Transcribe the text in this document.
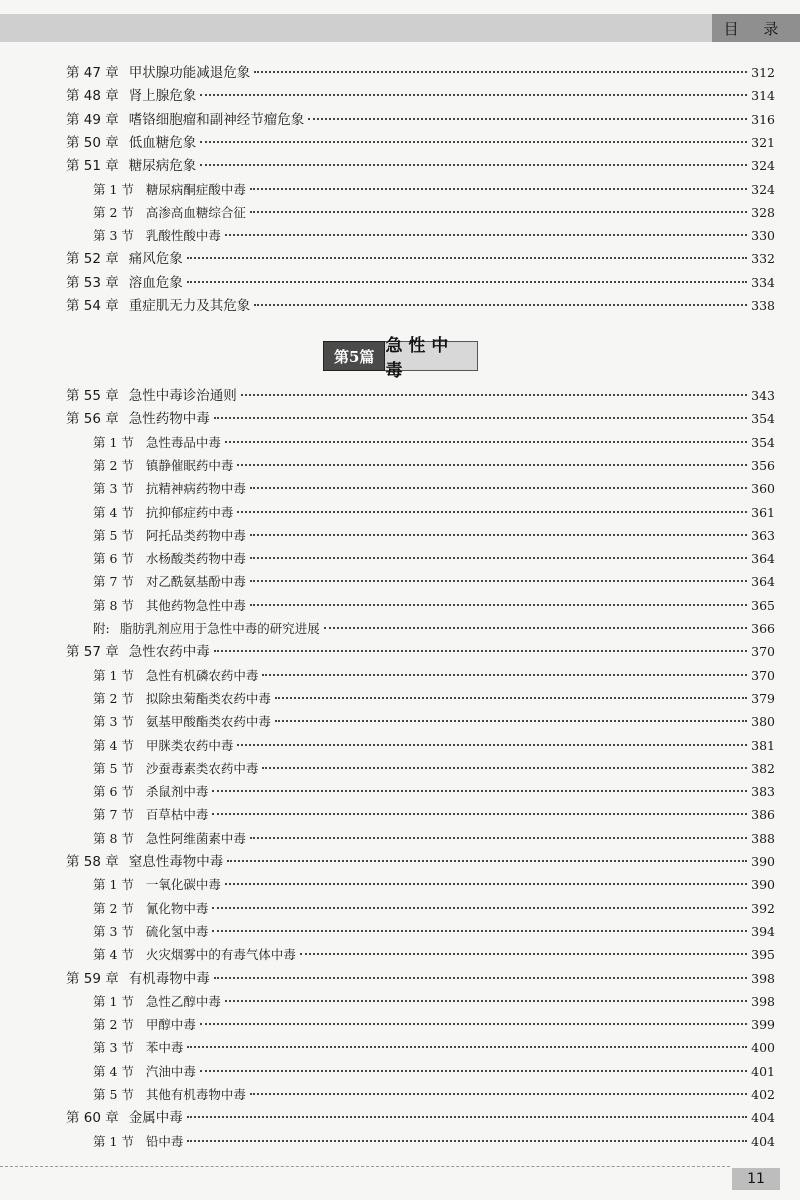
目 录
第5篇
急性中毒
第 47 章 甲状腺功能减退危象	312
第 48 章 肾上腺危象	314
第 49 章 嗜铬细胞瘤和副神经节瘤危象	316
第 50 章 低血糖危象	321
第 51 章 糖尿病危象	324
第 1 节 糖尿病酮症酸中毒	324
第 2 节 高渗高血糖综合征	328
第 3 节 乳酸性酸中毒	330
第 52 章 痛风危象	332
第 53 章 溶血危象	334
第 54 章 重症肌无力及其危象	338
第 55 章 急性中毒诊治通则	343
第 56 章 急性药物中毒	354
第 1 节 急性毒品中毒	354
第 2 节 镇静催眠药中毒	356
第 3 节 抗精神病药物中毒	360
第 4 节 抗抑郁症药中毒	361
第 5 节 阿托品类药物中毒	363
第 6 节 水杨酸类药物中毒	364
第 7 节 对乙酰氨基酚中毒	364
第 8 节 其他药物急性中毒	365
附: 脂肪乳剂应用于急性中毒的研究进展	366
第 57 章 急性农药中毒	370
第 1 节 急性有机磷农药中毒	370
第 2 节 拟除虫菊酯类农药中毒	379
第 3 节 氨基甲酸酯类农药中毒	380
第 4 节 甲脒类农药中毒	381
第 5 节 沙蚕毒素类农药中毒	382
第 6 节 杀鼠剂中毒	383
第 7 节 百草枯中毒	386
第 8 节 急性阿维菌素中毒	388
第 58 章 窒息性毒物中毒	390
第 1 节 一氧化碳中毒	390
第 2 节 氰化物中毒	392
第 3 节 硫化氢中毒	394
第 4 节 火灾烟雾中的有毒气体中毒	395
第 59 章 有机毒物中毒	398
第 1 节 急性乙醇中毒	398
第 2 节 甲醇中毒	399
第 3 节 苯中毒	400
第 4 节 汽油中毒	401
第 5 节 其他有机毒物中毒	402
第 60 章 金属中毒	404
第 1 节 铅中毒	404
11
